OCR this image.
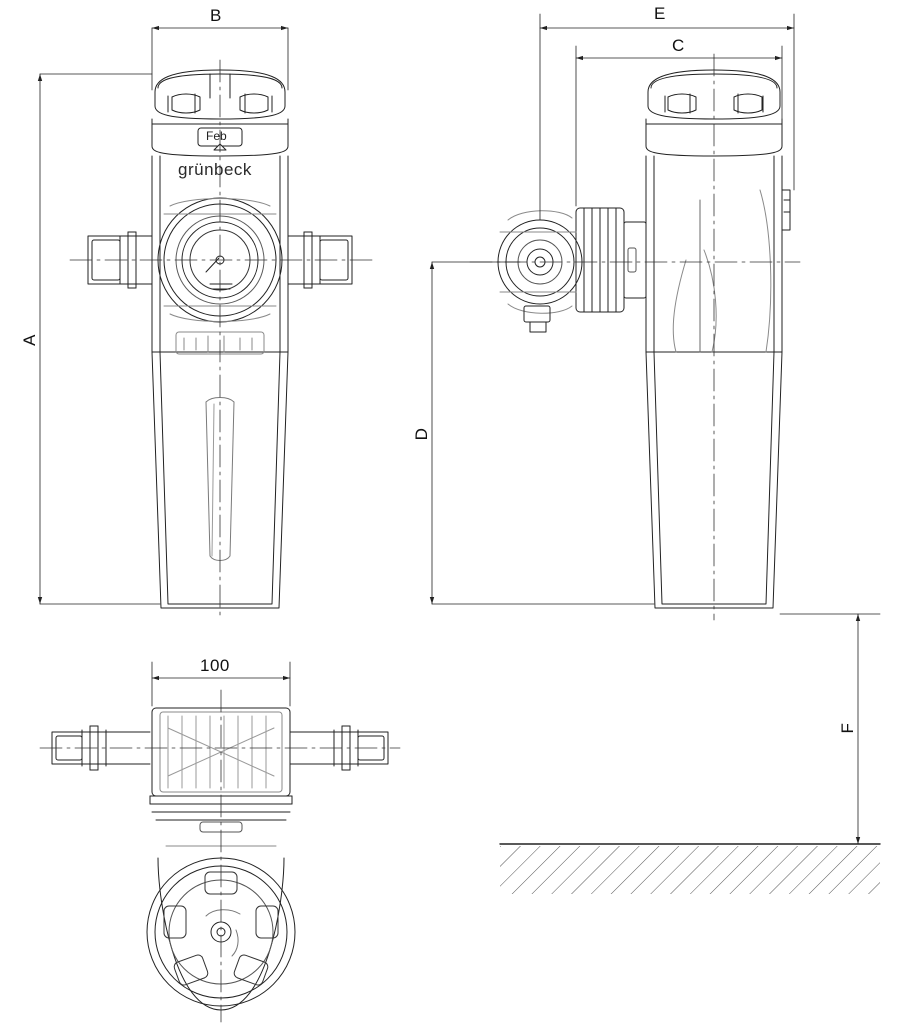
A
B
C
D
E
F
100
grünbeck
Feb
